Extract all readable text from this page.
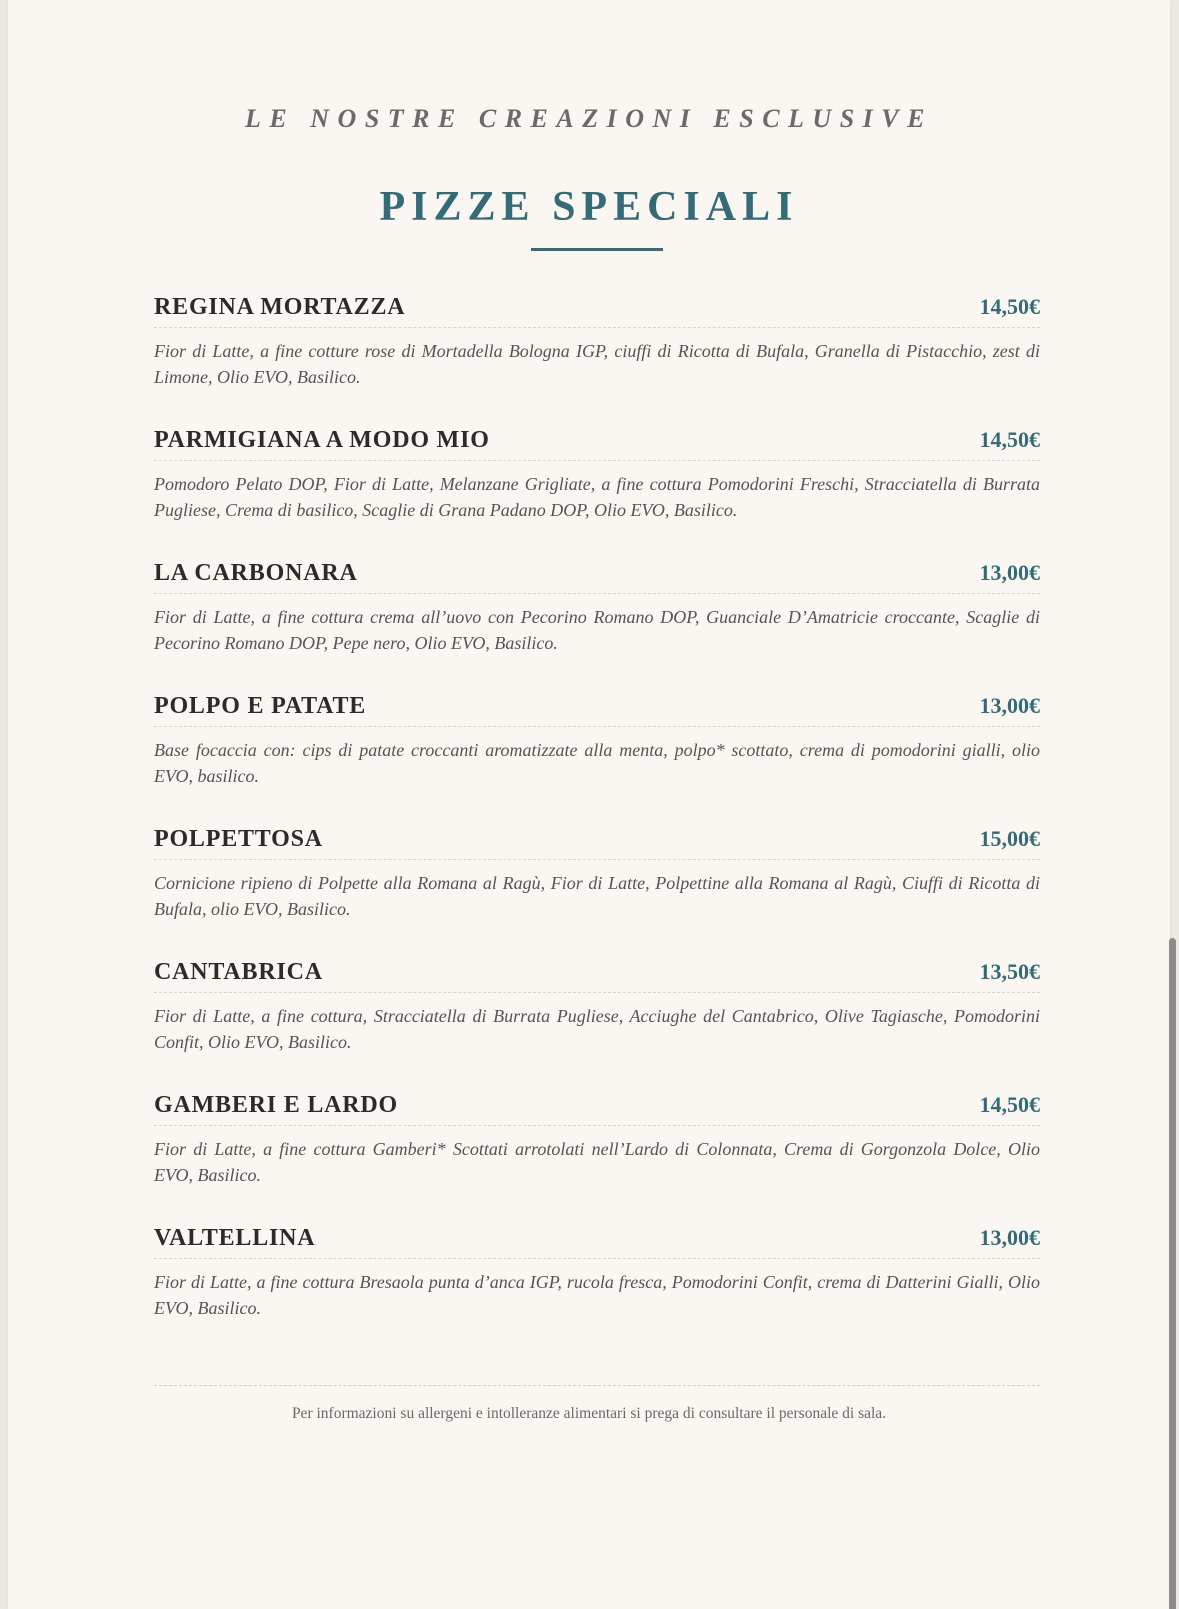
LE NOSTRE CREAZIONI ESCLUSIVE
PIZZE SPECIALI
REGINA MORTAZZA	14,50€
Fior di Latte, a fine cotture rose di Mortadella Bologna IGP, ciuffi di Ricotta di Bufala, Granella di Pistacchio, zest di Limone, Olio EVO, Basilico.
PARMIGIANA A MODO MIO	14,50€
Pomodoro Pelato DOP, Fior di Latte, Melanzane Grigliate, a fine cottura Pomodorini Freschi, Stracciatella di Burrata Pugliese, Crema di basilico, Scaglie di Grana Padano DOP, Olio EVO, Basilico.
LA CARBONARA	13,00€
Fior di Latte, a fine cottura crema all’uovo con Pecorino Romano DOP, Guanciale D’Amatricie croccante, Scaglie di Pecorino Romano DOP, Pepe nero, Olio EVO, Basilico.
POLPO E PATATE	13,00€
Base focaccia con: cips di patate croccanti aromatizzate alla menta, polpo* scottato, crema di pomodorini gialli, olio EVO, basilico.
POLPETTOSA	15,00€
Cornicione ripieno di Polpette alla Romana al Ragù, Fior di Latte, Polpettine alla Romana al Ragù, Ciuffi di Ricotta di Bufala, olio EVO, Basilico.
CANTABRICA	13,50€
Fior di Latte, a fine cottura, Stracciatella di Burrata Pugliese, Acciughe del Cantabrico, Olive Tagiasche, Pomodorini Confit, Olio EVO, Basilico.
GAMBERI E LARDO	14,50€
Fior di Latte, a fine cottura Gamberi* Scottati arrotolati nell’Lardo di Colonnata, Crema di Gorgonzola Dolce, Olio EVO, Basilico.
VALTELLINA	13,00€
Fior di Latte, a fine cottura Bresaola punta d’anca IGP, rucola fresca, Pomodorini Confit, crema di Datterini Gialli, Olio EVO, Basilico.
Per informazioni su allergeni e intolleranze alimentari si prega di consultare il personale di sala.
